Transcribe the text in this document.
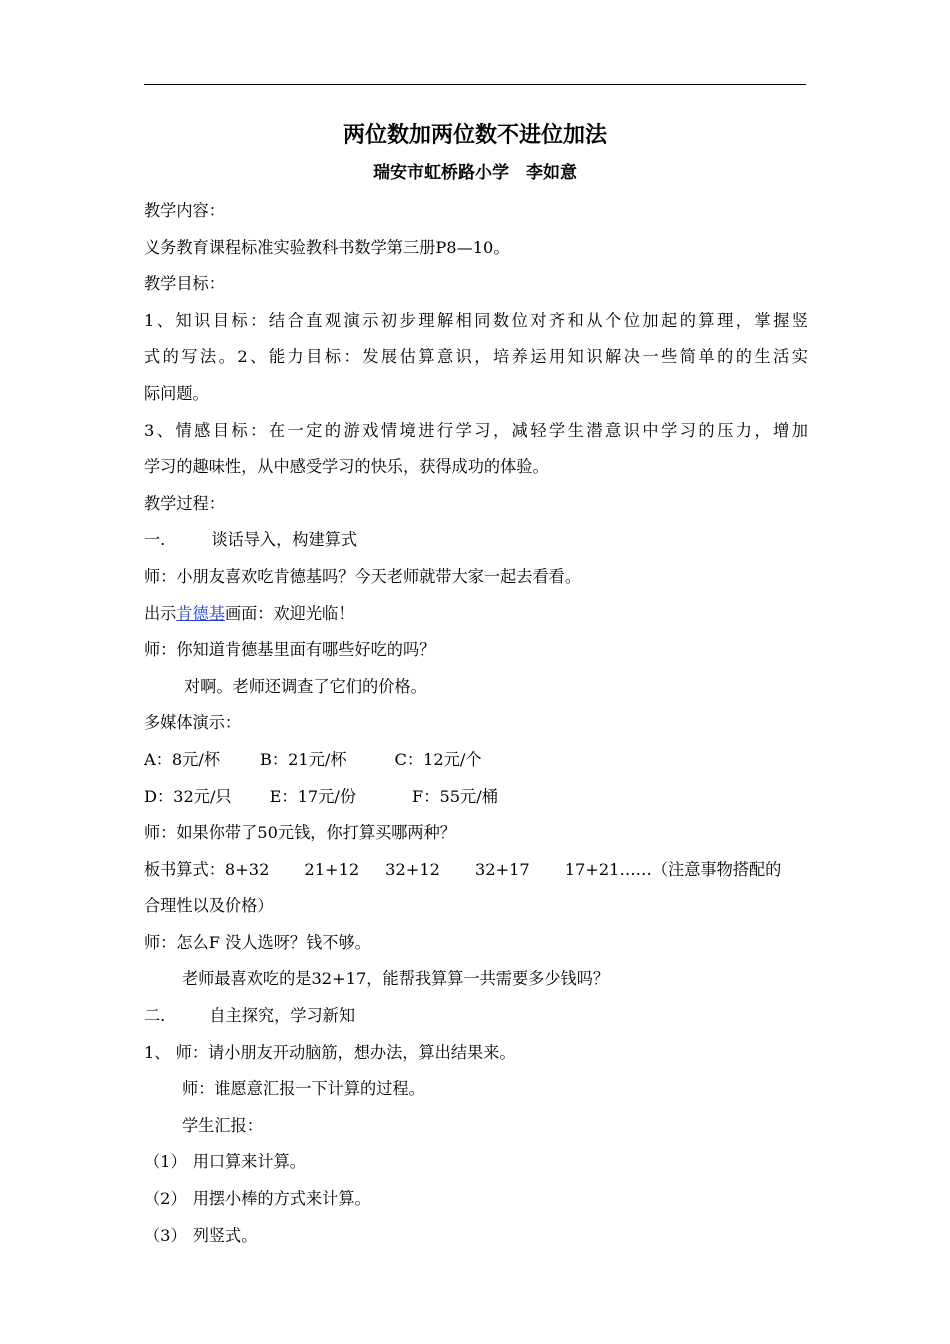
两位数加两位数不进位加法
瑞安市虹桥路小学　李如意
教学内容：
义务教育课程标准实验教科书数学第三册P8—10。
教学目标：
1、知识目标：结合直观演示初步理解相同数位对齐和从个位加起的算理，掌握竖
式的写法。2、能力目标：发展估算意识，培养运用知识解决一些简单的的生活实
际问题。
3、情感目标：在一定的游戏情境进行学习，减轻学生潜意识中学习的压力，增加
学习的趣味性，从中感受学习的快乐，获得成功的体验。
教学过程：
一.	谈话导入，构建算式
师：小朋友喜欢吃肯德基吗？今天老师就带大家一起去看看。
出示肯德基画面：欢迎光临！
师：你知道肯德基里面有哪些好吃的吗？
对啊。老师还调查了它们的价格。
多媒体演示：
A：8元/杯 B：21元/杯	C：12元/个
D：32元/只 E：17元/份	F：55元/桶
师：如果你带了50元钱，你打算买哪两种？
板书算式：8+32 21+12 32+12 32+17 17+21……（注意事物搭配的
合理性以及价格）
师：怎么F 没人选呀？钱不够。
老师最喜欢吃的是32+17，能帮我算算一共需要多少钱吗？
二.	自主探究，学习新知
1、 师：请小朋友开动脑筋，想办法，算出结果来。
师：谁愿意汇报一下计算的过程。
学生汇报：
（1） 用口算来计算。
（2） 用摆小棒的方式来计算。
（3） 列竖式。
